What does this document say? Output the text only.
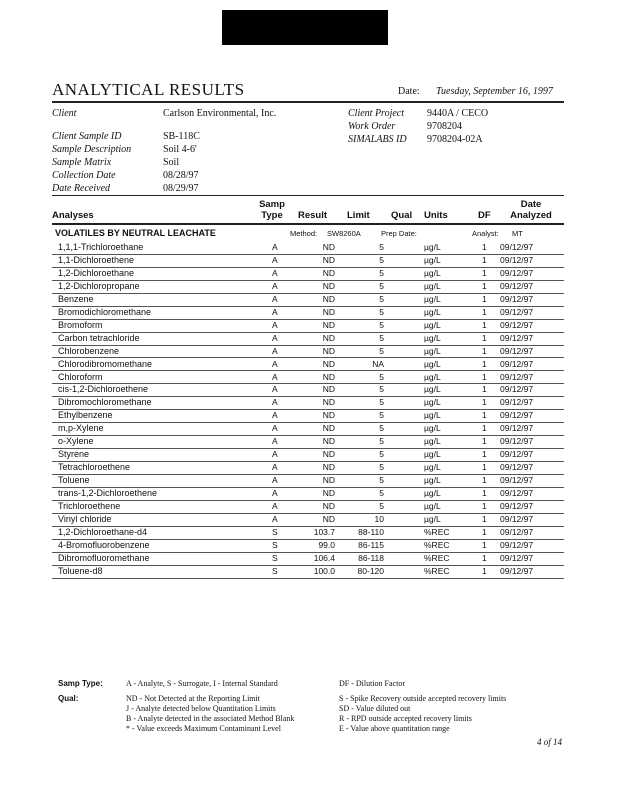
ANALYTICAL RESULTS	Date: Tuesday, September 16, 1997
Analyses
Samp Type	Result Limit Qual Units	DF
Date Analyzed
VOLATILES BY NEUTRAL LEACHATE	Method: SW8260A	Prep Date:	Analyst: MT
Samp Type:	A - Analyte, S - Surrogate, I - Internal Standard	DF - Dilution Factor
Qual:
4 of 14
Client	Carlson Environmental, Inc.
Client Sample ID	SB-118C
Sample Description	Soil 4-6'
Sample Matrix	Soil
Collection Date	08/28/97
Date Received	08/29/97
Client Project 9440A / CECO
Work Order	9708204
SIMALABS ID 9708204-02A
1,1,1-Trichloroethane	A	ND	5	µg/L	1 09/12/97
1,1-Dichloroethene	A	ND	5	µg/L	1 09/12/97
1,2-Dichloroethane	A	ND	5	µg/L	1 09/12/97
1,2-Dichloropropane	A	ND	5	µg/L	1 09/12/97
Benzene	A	ND	5	µg/L	1 09/12/97
Bromodichloromethane	A	ND	5	µg/L	1 09/12/97
Bromoform	A	ND	5	µg/L	1 09/12/97
Carbon tetrachloride	A	ND	5	µg/L	1 09/12/97
Chlorobenzene	A	ND	5	µg/L	1 09/12/97
Chlorodibromomethane	A	ND	NA	µg/L	1 09/12/97
Chloroform	A	ND	5	µg/L	1 09/12/97
cis-1,2-Dichloroethene	A	ND	5	µg/L	1 09/12/97
Dibromochloromethane	A	ND	5	µg/L	1 09/12/97
Ethylbenzene	A	ND	5	µg/L	1 09/12/97
m,p-Xylene	A	ND	5	µg/L	1 09/12/97
o-Xylene	A	ND	5	µg/L	1 09/12/97
Styrene	A	ND	5	µg/L	1 09/12/97
Tetrachloroethene	A	ND	5	µg/L	1 09/12/97
Toluene	A	ND	5	µg/L	1 09/12/97
trans-1,2-Dichloroethene	A	ND	5	µg/L	1 09/12/97
Trichloroethene	A	ND	5	µg/L	1 09/12/97
Vinyl chloride	A	ND	10	µg/L	1 09/12/97
1,2-Dichloroethane-d4	S	103.7	88-110	%REC	1 09/12/97
4-Bromofluorobenzene	S	99.0	86-115	%REC	1 09/12/97
Dibromofluoromethane	S	106.4	86-118	%REC	1 09/12/97
Toluene-d8	S	100.0	80-120	%REC	1 09/12/97
ND - Not Detected at the Reporting Limit
J - Analyte detected below Quantitation Limits
B - Analyte detected in the associated Method Blank
* - Value exceeds Maximum Contaminant Level
S - Spike Recovery outside accepted recovery limits
SD - Value diluted out
R - RPD outside accepted recovery limits
E - Value above quantitation range
